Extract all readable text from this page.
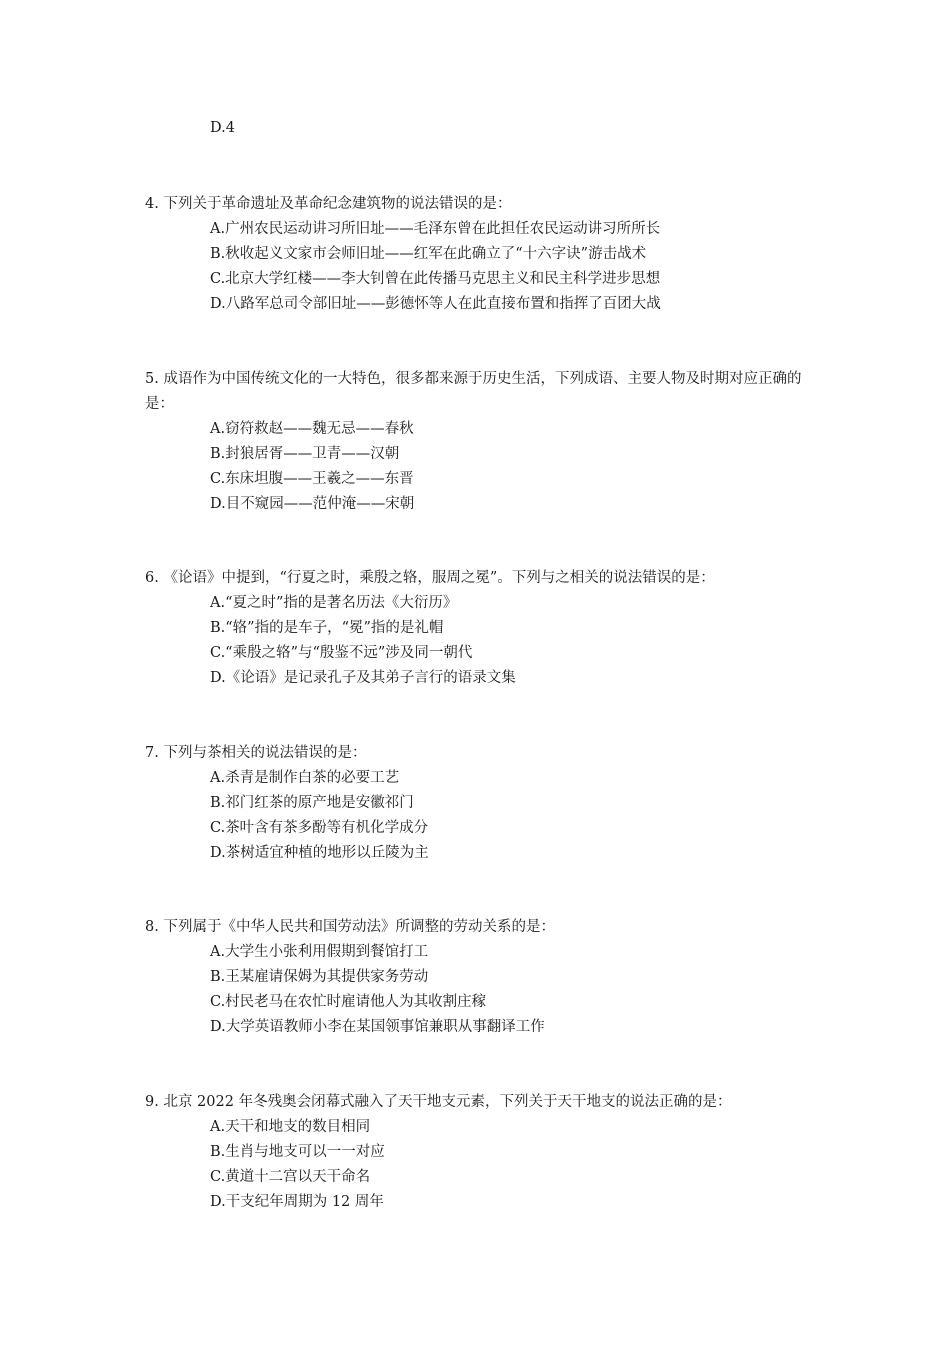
D.4

4. 下列关于革命遗址及革命纪念建筑物的说法错误的是：

A.广州农民运动讲习所旧址——毛泽东曾在此担任农民运动讲习所所长
B.秋收起义文家市会师旧址——红军在此确立了“十六字诀”游击战术
C.北京大学红楼——李大钊曾在此传播马克思主义和民主科学进步思想
D.八路军总司令部旧址——彭德怀等人在此直接布置和指挥了百团大战

5. 成语作为中国传统文化的一大特色，很多都来源于历史生活，下列成语、主要人物及时期对应正确的是：

A.窃符救赵——魏无忌——春秋
B.封狼居胥——卫青——汉朝
C.东床坦腹——王羲之——东晋
D.目不窥园——范仲淹——宋朝

6. 《论语》中提到，“行夏之时，乘殷之辂，服周之冕”。下列与之相关的说法错误的是：

A.“夏之时”指的是著名历法《大衍历》
B.“辂”指的是车子，“冕”指的是礼帽
C.“乘殷之辂”与“殷鉴不远”涉及同一朝代
D.《论语》是记录孔子及其弟子言行的语录文集

7. 下列与茶相关的说法错误的是：

A.杀青是制作白茶的必要工艺
B.祁门红茶的原产地是安徽祁门
C.茶叶含有茶多酚等有机化学成分
D.茶树适宜种植的地形以丘陵为主

8. 下列属于《中华人民共和国劳动法》所调整的劳动关系的是：

A.大学生小张利用假期到餐馆打工
B.王某雇请保姆为其提供家务劳动
C.村民老马在农忙时雇请他人为其收割庄稼
D.大学英语教师小李在某国领事馆兼职从事翻译工作

9. 北京 2022 年冬残奥会闭幕式融入了天干地支元素，下列关于天干地支的说法正确的是：

A.天干和地支的数目相同
B.生肖与地支可以一一对应
C.黄道十二宫以天干命名
D.干支纪年周期为 12 周年
